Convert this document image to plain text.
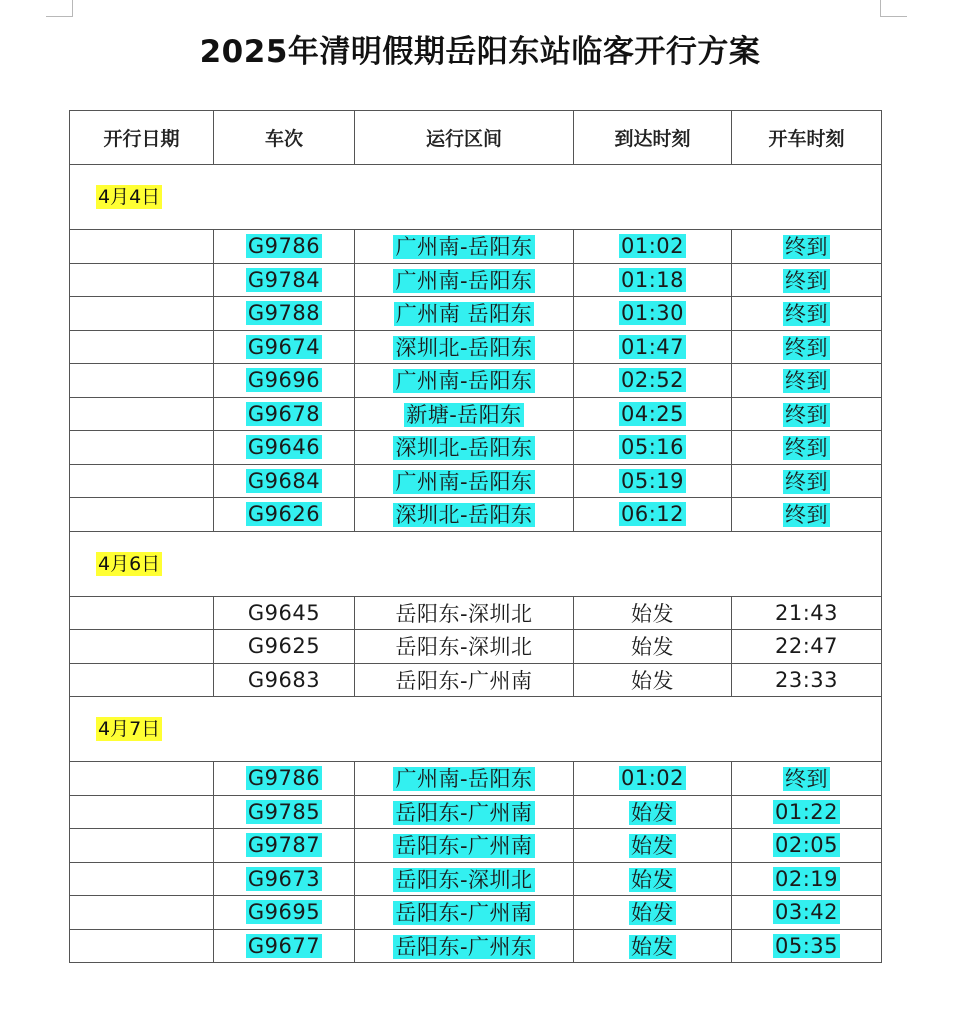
2025年清明假期岳阳东站临客开行方案
开行日期	车次	运行区间	到达时刻	开车时刻
4月4日				
	G9786	广州南-岳阳东	01:02	终到
	G9784	广州南-岳阳东	01:18	终到
	G9788	广州南 岳阳东	01:30	终到
	G9674	深圳北-岳阳东	01:47	终到
	G9696	广州南-岳阳东	02:52	终到
	G9678	新塘-岳阳东	04:25	终到
	G9646	深圳北-岳阳东	05:16	终到
	G9684	广州南-岳阳东	05:19	终到
	G9626	深圳北-岳阳东	06:12	终到
4月6日				
	G9645	岳阳东-深圳北	始发	21:43
	G9625	岳阳东-深圳北	始发	22:47
	G9683	岳阳东-广州南	始发	23:33
4月7日				
	G9786	广州南-岳阳东	01:02	终到
	G9785	岳阳东-广州南	始发	01:22
	G9787	岳阳东-广州南	始发	02:05
	G9673	岳阳东-深圳北	始发	02:19
	G9695	岳阳东-广州南	始发	03:42
	G9677	岳阳东-广州东	始发	05:35
